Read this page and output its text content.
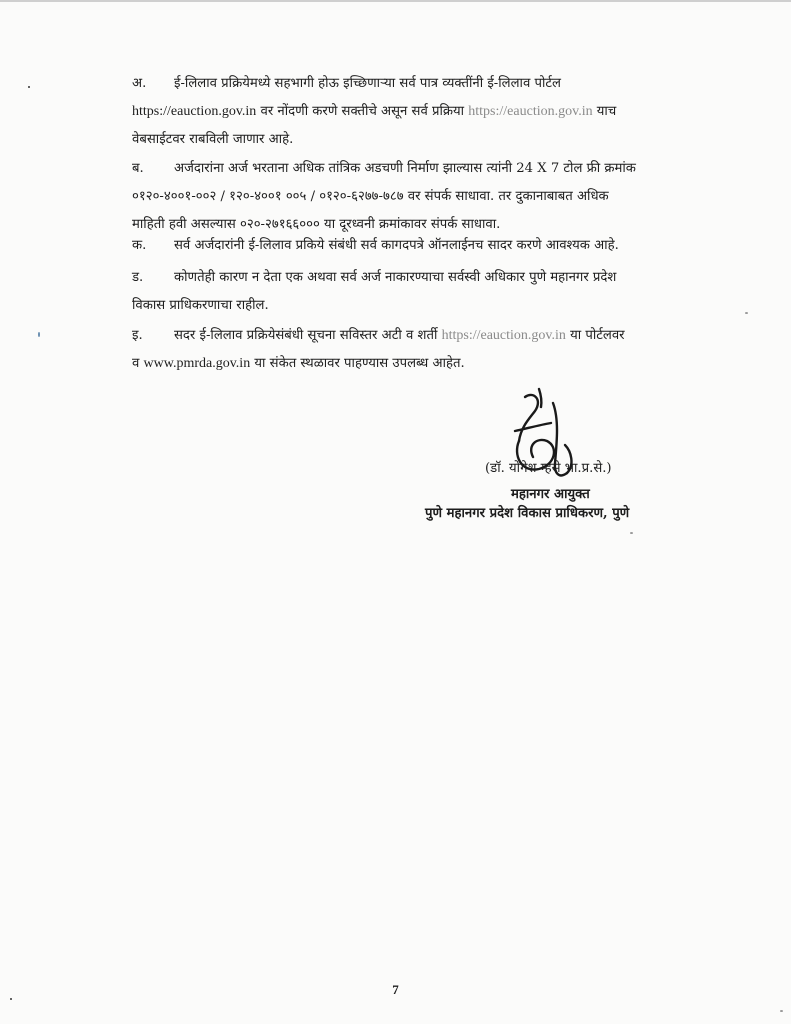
अ. ई-लिलाव प्रक्रियेमध्ये सहभागी होऊ इच्छिणाऱ्या सर्व पात्र व्यक्तींनी ई-लिलाव पोर्टल
https://eauction.gov.in वर नोंदणी करणे सक्तीचे असून सर्व प्रक्रिया https://eauction.gov.in याच
वेबसाईटवर राबविली जाणार आहे.
ब. अर्जदारांना अर्ज भरताना अधिक तांत्रिक अडचणी निर्माण झाल्यास त्यांनी 24 X 7 टोल फ्री क्रमांक
०१२०-४००१-००२ / १२०-४००१ ००५ / ०१२०-६२७७-७८७ वर संपर्क साधावा. तर दुकानाबाबत अधिक
माहिती हवी असल्यास ०२०-२७१६६००० या दूरध्वनी क्रमांकावर संपर्क साधावा.
क. सर्व अर्जदारांनी ई-लिलाव प्रकिये संबंधी सर्व कागदपत्रे ऑनलाईनच सादर करणे आवश्यक आहे.
ड. कोणतेही कारण न देता एक अथवा सर्व अर्ज नाकारण्याचा सर्वस्वी अधिकार पुणे महानगर प्रदेश
विकास प्राधिकरणाचा राहील.
इ. सदर ई-लिलाव प्रक्रियेसंबंधी सूचना सविस्तर अटी व शर्ती https://eauction.gov.in या पोर्टलवर
व www.pmrda.gov.in या संकेत स्थळावर पाहण्यास उपलब्ध आहेत.
(डॉ. योगेश म्हसे भा.प्र.से.)
महानगर आयुक्त
पुणे महानगर प्रदेश विकास प्राधिकरण, पुणे
7
